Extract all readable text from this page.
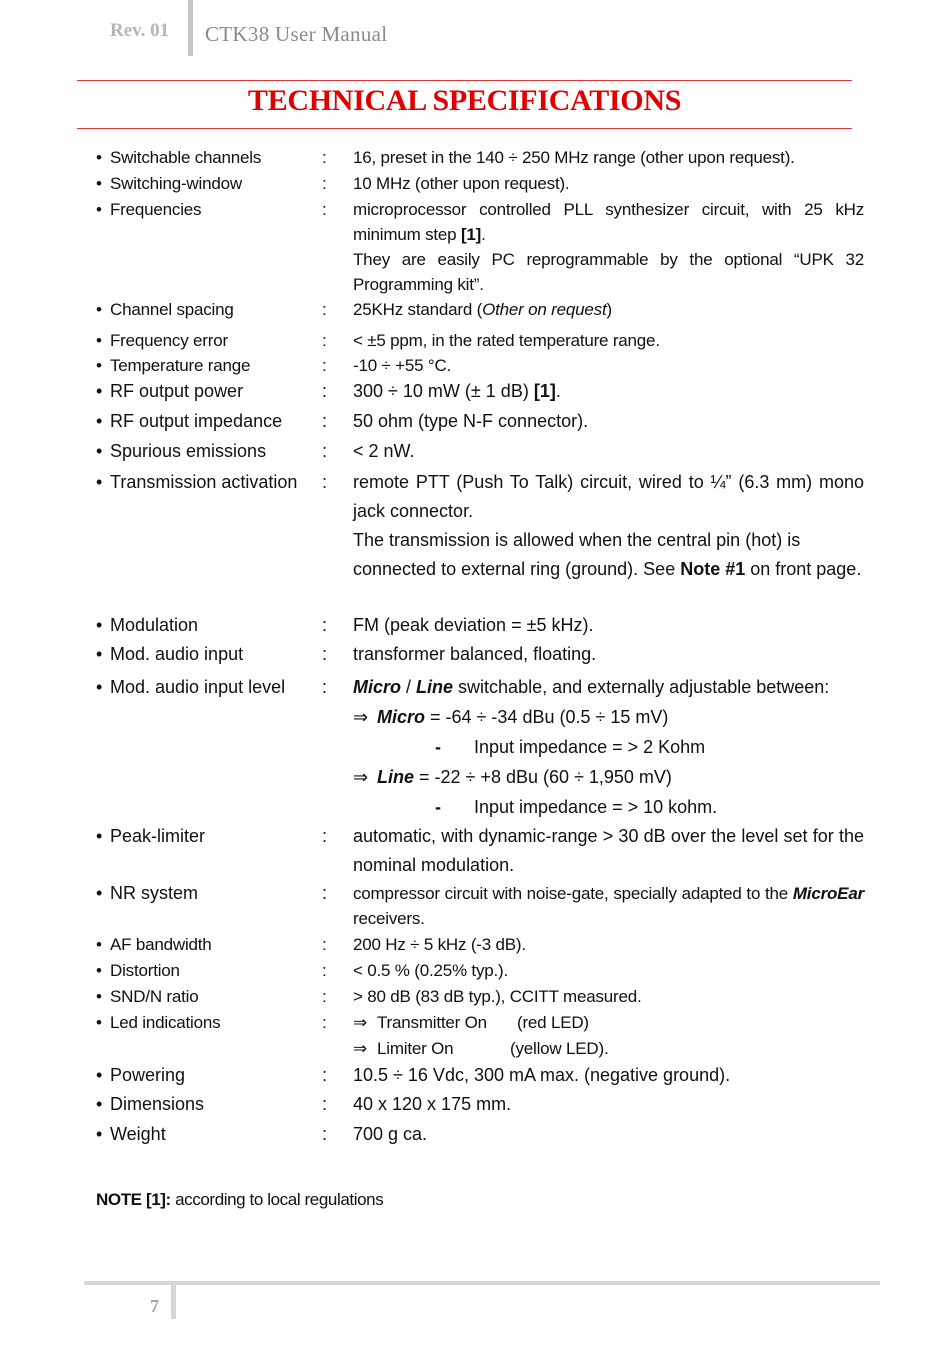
Rev. 01 CTK38 User Manual
TECHNICAL SPECIFICATIONS
• Switchable channels	: 16, preset in the 140 ÷ 250 MHz range (other upon request).
• Switching-window	: 10 MHz (other upon request).
• Frequencies	: microprocessor controlled PLL synthesizer circuit, with 25 kHz minimum step [1].

They are easily PC reprogrammable by the optional “UPK 32 Programming kit”.

• Channel spacing	: 25KHz standard (Other on request)
• Frequency error	: < ±5 ppm, in the rated temperature range.
• Temperature range	: -10 ÷ +55 °C.
• RF output power	: 300 ÷ 10 mW (± 1 dB) [1].
• RF output impedance : 50 ohm (type N-F connector).
• Spurious emissions	: < 2 nW.
• Transmission activation : remote PTT (Push To Talk) circuit, wired to ¼” (6.3 mm) mono jack connector.

The transmission is allowed when the central pin (hot) is connected to external ring (ground). See Note #1 on front page.

• Modulation	: FM (peak deviation = ±5 kHz).
• Mod. audio input	: transformer balanced, floating.
• Mod. audio input level : Micro / Line switchable, and externally adjustable between:

⇒ Micro = -64 ÷ -34 dBu (0.5 ÷ 15 mV)

- Input impedance = > 2 Kohm

⇒ Line = -22 ÷ +8 dBu (60 ÷ 1,950 mV)

- Input impedance = > 10 kohm.

• Peak-limiter	: automatic, with dynamic-range > 30 dB over the level set for the nominal modulation.
• NR system	: compressor circuit with noise-gate, specially adapted to the MicroEar receivers.
• AF bandwidth	: 200 Hz ÷ 5 kHz (-3 dB).
• Distortion	: < 0.5 % (0.25% typ.).
• SND/N ratio	: > 80 dB (83 dB typ.), CCITT measured.
• Led indications	: ⇒ Transmitter On (red LED)

⇒ Limiter On	(yellow LED).

• Powering	: 10.5 ÷ 16 Vdc, 300 mA max. (negative ground).
• Dimensions	: 40 x 120 x 175 mm.
• Weight	: 700 g ca.
NOTE [1]: according to local regulations
7
